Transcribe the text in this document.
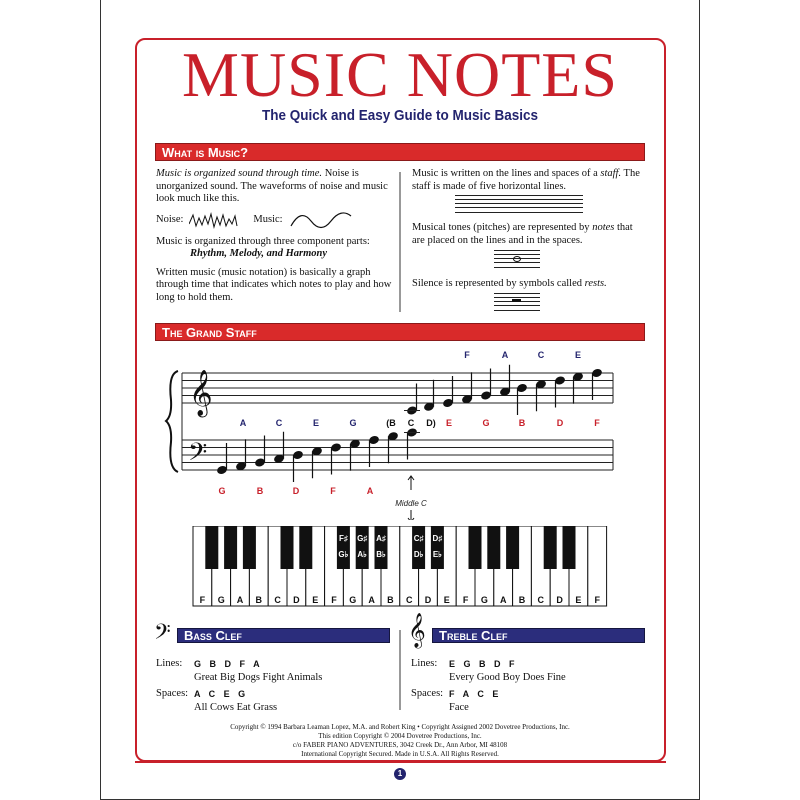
MUSIC NOTES
The Quick and Easy Guide to Music Basics
What is Music?

Music is organized sound through time. Noise is unorganized sound. The waveforms of noise and music look much like this.

Noise:	Music:

Music is organized through three component parts:
Rhythm, Melody, and Harmony

Written music (music notation) is basically a graph through time that indicates which notes to play and how long to hold them.

Music is written on the lines and spaces of a staff. The staff is made of five horizontal lines.

Musical tones (pitches) are represented by notes that are placed on the lines and in the spaces.

Silence is represented by symbols called rests.

The Grand Staff
𝄞
𝄢
F	A	C	E
A	C	E	G	(B C D) E	G	B	D	F
G	B	D	F	A
Middle C
F G A B C D E F G A B C D E F G A B C D E F
F♯
G♭
G♯
A♭
A♯
B♭
C♯
D♭
D♯
E♭
𝄢	Bass Clef
Lines:	G B D F A
Great Big Dogs Fight Animals
Spaces: A C E G
All Cows Eat Grass
𝄞	Treble Clef
Lines:	E G B D F
Every Good Boy Does Fine
Spaces: F A C E
Face
Copyright © 1994 Barbara Leaman Lopez, M.A. and Robert King • Copyright Assigned 2002 Dovetree Productions, Inc.
This edition Copyright © 2004 Dovetree Productions, Inc.
c/o FABER PIANO ADVENTURES, 3042 Creek Dr., Ann Arbor, MI 48108
International Copyright Secured. Made in U.S.A. All Rights Reserved.
1
